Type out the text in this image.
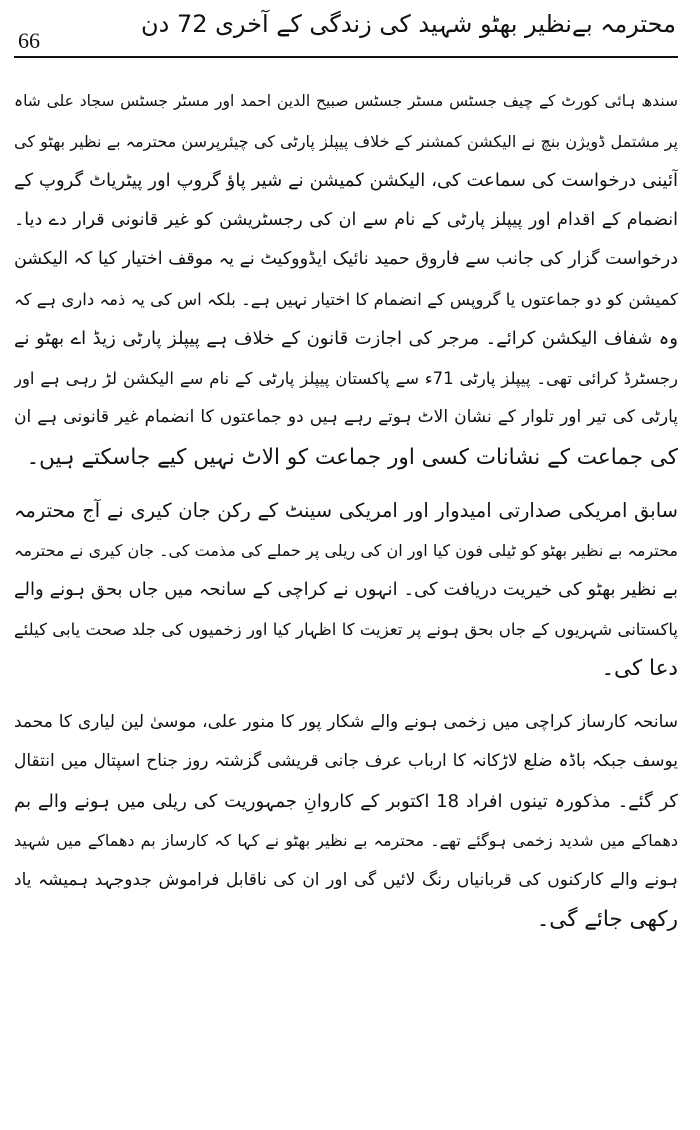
66
محترمہ بےنظیر بھٹو شہید کی زندگی کے آخری 72 دن
سندھ ہائی کورٹ کے چیف جسٹس مسٹر جسٹس صبیح الدین احمد اور مسٹر جسٹس سجاد علی شاہ
پر مشتمل ڈویژن بنچ نے الیکشن کمشنر کے خلاف پیپلز پارٹی کی چیئرپرسن محترمہ بے نظیر بھٹو کی
آئینی درخواست کی سماعت کی، الیکشن کمیشن نے شیر پاؤ گروپ اور پیٹریاٹ گروپ کے
انضمام کے اقدام اور پیپلز پارٹی کے نام سے ان کی رجسٹریشن کو غیر قانونی قرار دے دیا۔
درخواست گزار کی جانب سے فاروق حمید نائیک ایڈووکیٹ نے یہ موقف اختیار کیا کہ الیکشن
کمیشن کو دو جماعتوں یا گروپس کے انضمام کا اختیار نہیں ہے۔ بلکہ اس کی یہ ذمہ داری ہے کہ
وہ شفاف الیکشن کرائے۔ مرجر کی اجازت قانون کے خلاف ہے پیپلز پارٹی زیڈ اے بھٹو نے
رجسٹرڈ کرائی تھی۔ پیپلز پارٹی 71ء سے پاکستان پیپلز پارٹی کے نام سے الیکشن لڑ رہی ہے اور
پارٹی کی تیر اور تلوار کے نشان الاٹ ہوتے رہے ہیں دو جماعتوں کا انضمام غیر قانونی ہے ان
کی جماعت کے نشانات کسی اور جماعت کو الاٹ نہیں کیے جاسکتے ہیں۔
سابق امریکی صدارتی امیدوار اور امریکی سینٹ کے رکن جان کیری نے آج محترمہ
محترمہ بے نظیر بھٹو کو ٹیلی فون کیا اور ان کی ریلی پر حملے کی مذمت کی۔ جان کیری نے محترمہ
بے نظیر بھٹو کی خیریت دریافت کی۔ انہوں نے کراچی کے سانحہ میں جاں بحق ہونے والے
پاکستانی شہریوں کے جاں بحق ہونے پر تعزیت کا اظہار کیا اور زخمیوں کی جلد صحت یابی کیلئے
دعا کی۔
سانحہ کارساز کراچی میں زخمی ہونے والے شکار پور کا منور علی، موسیٰ لین لیاری کا محمد
یوسف جبکہ باڈہ ضلع لاڑکانہ کا ارباب عرف جانی قریشی گزشتہ روز جناح اسپتال میں انتقال
کر گئے۔ مذکورہ تینوں افراد 18 اکتوبر کے کاروانِ جمہوریت کی ریلی میں ہونے والے بم
دھماکے میں شدید زخمی ہوگئے تھے۔ محترمہ بے نظیر بھٹو نے کہا کہ کارساز بم دھماکے میں شہید
ہونے والے کارکنوں کی قربانیاں رنگ لائیں گی اور ان کی ناقابل فراموش جدوجہد ہمیشہ یاد
رکھی جائے گی۔
